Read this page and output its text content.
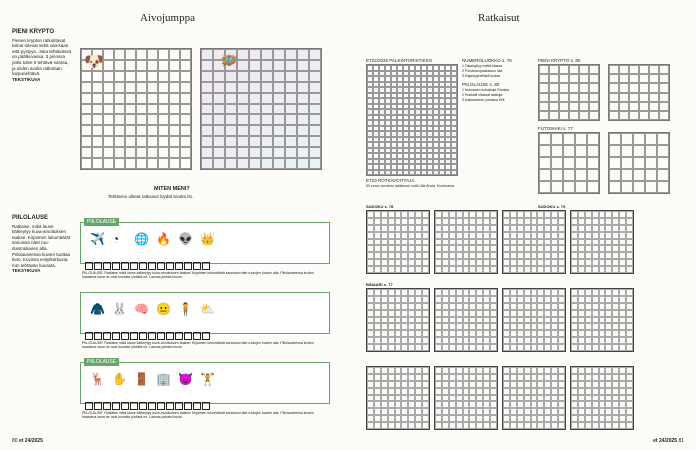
Aivojumppa
PIENI KRYPTO
Pienen krypton ratkoittavat tamat tulevat sekä vaa-kaan että pystyyn. Joka tehtävässä on päälkuvassa. 3 pinossa jotka tulee 0 tehtävä-sarasa, ja niiden avulla ratkotaan loppuriehtävä.
TEKSTIKUVA
🐶	🪺
MITEN MENI?
Tehtävien oikeat ratkaisut löydät sivulta 81.
PIILOLAUSE
Ratkaise, mikä lause kätkeytyy kuva-arvoituksen taakse. Kirjaimen lukumäärät sanoissa näet ruu-duistrailuvien alla. Piilolauseessa kuvien tuottaa tieto. Kuvissa esitytkörkuvia, mm tehtävän kuvasta.
TEKSTIKUVA
PIILOLAUSE
PIILOLAUSE
✈️ ◔ 🌐 🔥 👽 👑
🧥 🐰 🧠 😐 🧍 ⛅
🦌 ✋ 🚪 🏢 😈 🏋️
PIILOLAUSE: Ratkaise mikä lause kätkeytyy kuva-arvoituksen taakse! Kirjainten lukumäärät sanoissa näet ruutujen kuvien alla. Piilolauseessa kuvien haastava sana ne ovat kuvasta yhdistä ne. Lausaa johtaisi kuvia.
PIILOLAUSE: Ratkaise mikä lause kätkeytyy kuva-arvoituksen taakse! Kirjainten lukumäärät sanoissa näet ruutujen kuvien alla. Piilolauseessa kuvien haastava sana ne ovat kuvasta yhdistä ne. Lausaa johtaisi kuvia.
PIILOLAUSE: Ratkaise mikä lause kätkeytyy kuva-arvoituksen taakse! Kirjainten lukumäärät sanoissa näet ruutujen kuvien alla. Piilolauseessa kuvien haastava sana ne ovat kuvasta yhdistä ne. Lausaa johtaisi kuvia.
80 et 24/2025
Ratkaisut
ET22/2025 PALKINTORISTIKKO
ET23 ROTKAVOITTAJA
50 euron arvoinen palkinnon voitti Ulla Ahola, Kuorinama
NUMEROLUOKKO s. 76
1 Takaisyllyy mettä liiassa
2 Ponahampaalukuun lisä
3 Hajarkyynellistä tuotaa
PIILOLAUSE s. 80
1 Nonuksen kotiaikoja Ranska
2 Hukkaili nikiasat aaittuja
3 kukkaniveen polsissa Killi
PIENI KRYPTO s. 80
FUTOSHIKI s. 77
SUDOKU s. 78	SUDOKU s. 79
BINAARI s. 77
et 24/2025 81
